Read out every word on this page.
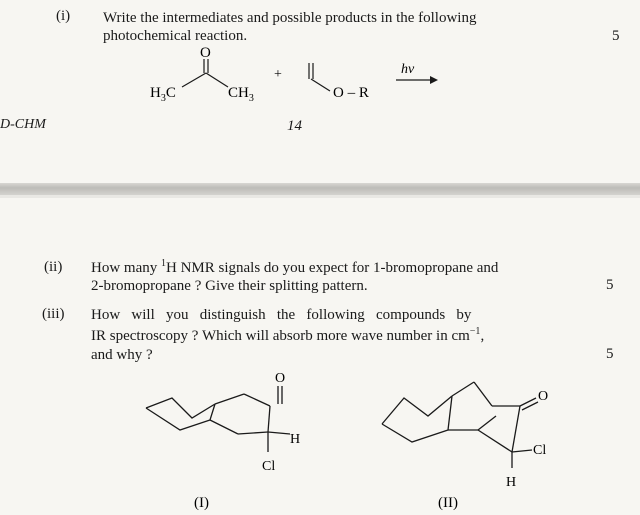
(i) Write the intermediates and possible products in the following
photochemical reaction.	5
O
$H_3C$	$CH_3$
+
O – R
hv
D-CHM	14
(ii) How many $^1$H NMR signals do you expect for 1-bromopropane and
2-bromopropane ? Give their splitting pattern.	5
(iii) How   will   you   distinguish   the   following   compounds   by
IR spectroscopy ? Which will absorb more wave number in $cm^{-1}$,
and why ?	5
O
H
Cl
(I)
O
Cl
H
(II)
